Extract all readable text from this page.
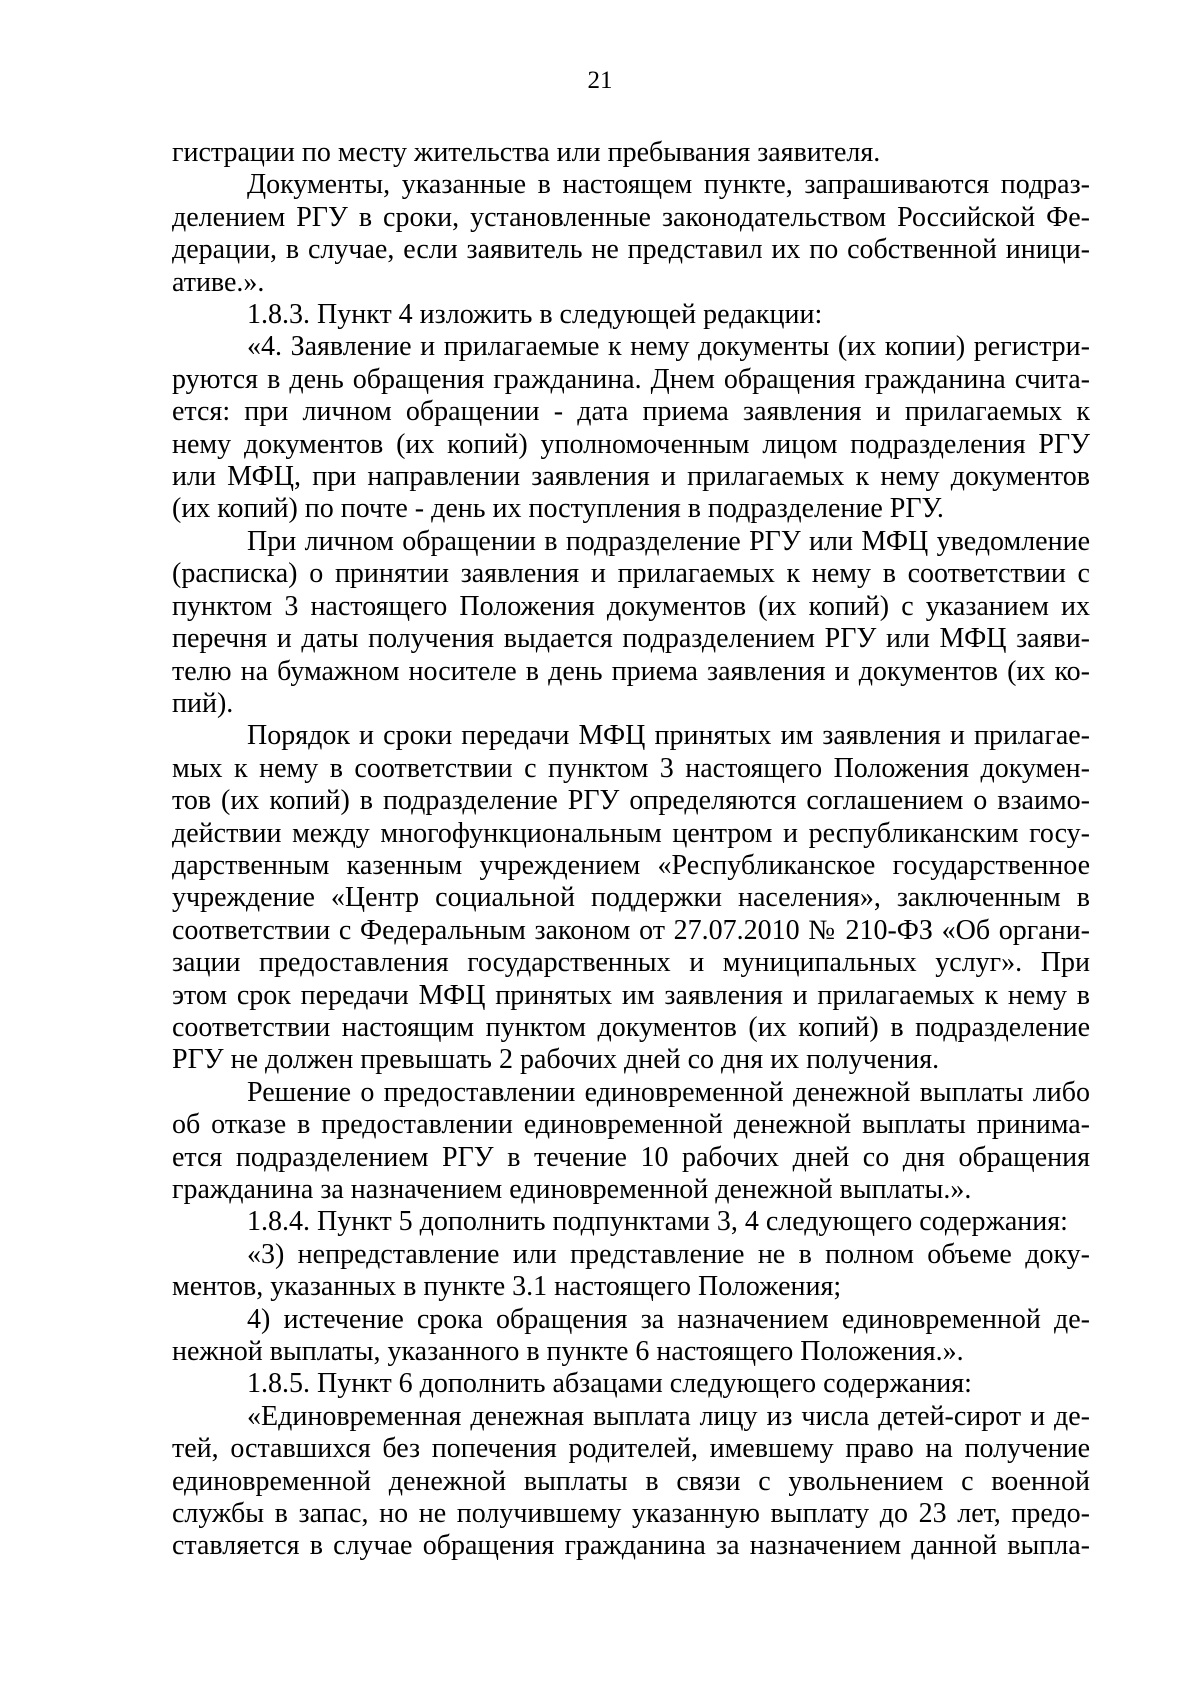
21
гистрации по месту жительства или пребывания заявителя.
Документы, указанные в настоящем пункте, запрашиваются подраз-
делением РГУ в сроки, установленные законодательством Российской Фе-
дерации, в случае, если заявитель не представил их по собственной иници-
ативе.».
1.8.3. Пункт 4 изложить в следующей редакции:
«4. Заявление и прилагаемые к нему документы (их копии) регистри-
руются в день обращения гражданина. Днем обращения гражданина счита-
ется: при личном обращении - дата приема заявления и прилагаемых к
нему документов (их копий) уполномоченным лицом подразделения РГУ
или МФЦ, при направлении заявления и прилагаемых к нему документов
(их копий) по почте - день их поступления в подразделение РГУ.
При личном обращении в подразделение РГУ или МФЦ уведомление
(расписка) о принятии заявления и прилагаемых к нему в соответствии с
пунктом 3 настоящего Положения документов (их копий) с указанием их
перечня и даты получения выдается подразделением РГУ или МФЦ заяви-
телю на бумажном носителе в день приема заявления и документов (их ко-
пий).
Порядок и сроки передачи МФЦ принятых им заявления и прилагае-
мых к нему в соответствии с пунктом 3 настоящего Положения докумен-
тов (их копий) в подразделение РГУ определяются соглашением о взаимо-
действии между многофункциональным центром и республиканским госу-
дарственным казенным учреждением «Республиканское государственное
учреждение «Центр социальной поддержки населения», заключенным в
соответствии с Федеральным законом от 27.07.2010 № 210-ФЗ «Об органи-
зации предоставления государственных и муниципальных услуг». При
этом срок передачи МФЦ принятых им заявления и прилагаемых к нему в
соответствии настоящим пунктом документов (их копий) в подразделение
РГУ не должен превышать 2 рабочих дней со дня их получения.
Решение о предоставлении единовременной денежной выплаты либо
об отказе в предоставлении единовременной денежной выплаты принима-
ется подразделением РГУ в течение 10 рабочих дней со дня обращения
гражданина за назначением единовременной денежной выплаты.».
1.8.4. Пункт 5 дополнить подпунктами 3, 4 следующего содержания:
«3) непредставление или представление не в полном объеме доку-
ментов, указанных в пункте 3.1 настоящего Положения;
4) истечение срока обращения за назначением единовременной де-
нежной выплаты, указанного в пункте 6 настоящего Положения.».
1.8.5. Пункт 6 дополнить абзацами следующего содержания:
«Единовременная денежная выплата лицу из числа детей-сирот и де-
тей, оставшихся без попечения родителей, имевшему право на получение
единовременной денежной выплаты в связи с увольнением с военной
службы в запас, но не получившему указанную выплату до 23 лет, предо-
ставляется в случае обращения гражданина за назначением данной выпла-
